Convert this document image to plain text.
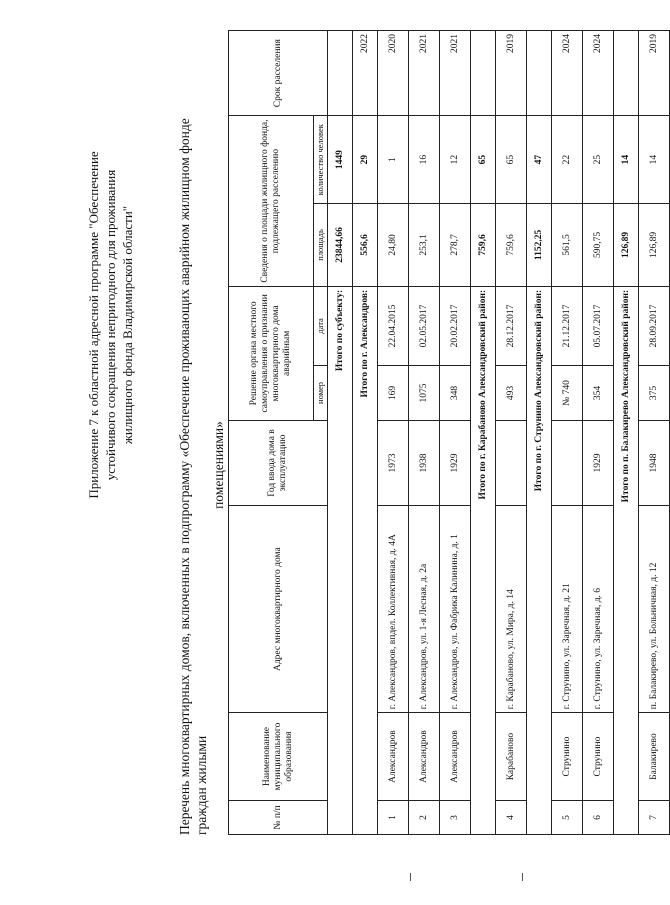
Приложение 7 к областной адресной программе "Обеспечение устойчивого сокращения непригодного для проживания жилищного фонда Владимирской области"	Перечень многоквартирных домов, включенных в подпрограмму «Обеспечение проживающих аварийном жилищном фонде граждан жилыми
помещениями»
№ п/п	Наименование муниципального образования	Адрес многоквартирного дома	Год ввода дома в эксплуатацию	Решение органа местного самоуправления о признании многоквартирного дома аварийным		Сведения о площади жилищного фонда, подлежащего расселению		Срок расселения
				номер	дата	площадь	количество человек	
Итого по субъекту:						23844,66	1449	
Итого по г. Александров:						556,6	29	2022
1	Александров	г. Александров, впдел. Коллективная, д. 4А	1973	169	22.04.2015	24,80	1	2020
2	Александров	г. Александров, ул. 1-я Лесная, д. 2а	1938	1075	02.05.2017	253,1	16	2021
3	Александров	г. Александров, ул. Фабрика Калинина, д. 1	1929	348	20.02.2017	278,7	12	2021
Итого по г. Карабаново Александровский район:						759,6	65	
4	Карабаново	г. Карабаново, ул. Мира, д. 14		493	28.12.2017	759,6	65	2019
Итого по г. Струнино Александровский район:						1152,25	47	
5	Струнино	г. Струнино, ул. Заречная, д. 21		№ 740	21.12.2017	561,5	22	2024
6	Струнино	г. Струнино, ул. Заречная, д. 6	1929	354	05.07.2017	590,75	25	2024
Итого по п. Балакирево Александровский район:						126,89	14	
7	Балакирево	п. Балакирево, ул. Больничная, д. 12	1948	375	28.09.2017	126,89	14	2019
